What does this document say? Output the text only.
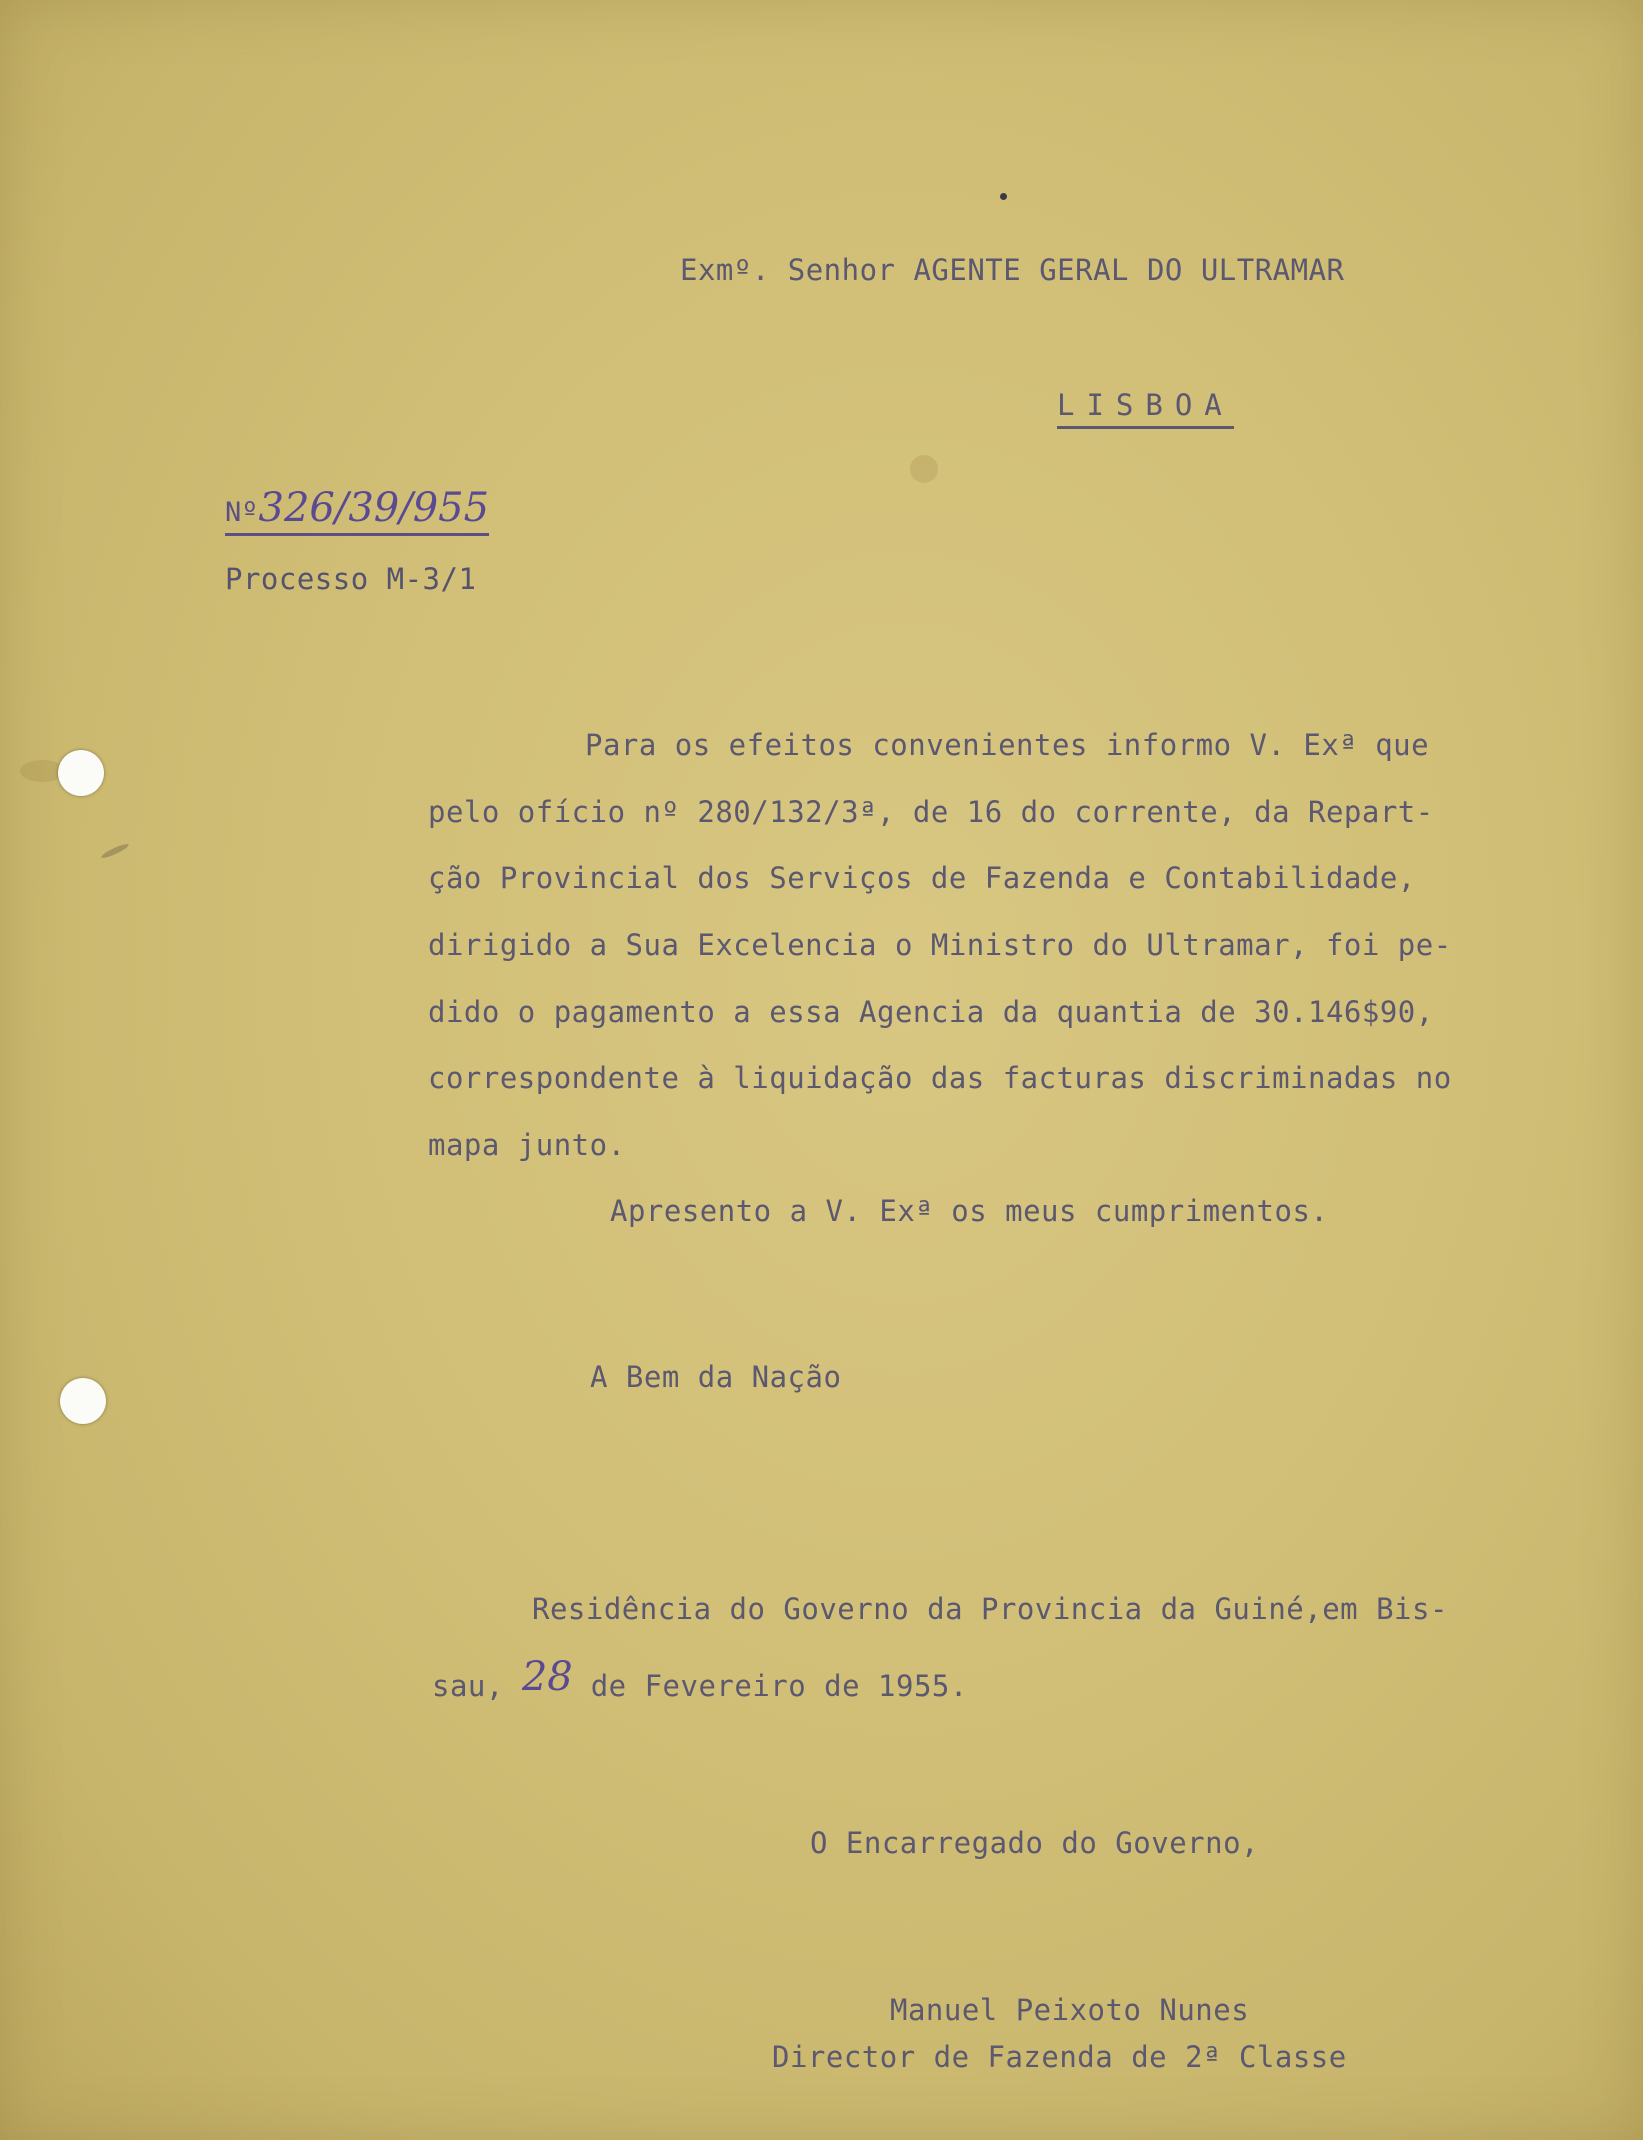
Exmº. Senhor AGENTE GERAL DO ULTRAMAR
LISBOA
Nº326/39/955
Processo M-3/1
Para os efeitos convenientes informo V. Exª que
pelo ofício nº 280/132/3ª, de 16 do corrente, da Repart-
ção Provincial dos Serviços de Fazenda e Contabilidade,
dirigido a Sua Excelencia o Ministro do Ultramar, foi pe-
dido o pagamento a essa Agencia da quantia de 30.146$90,
correspondente à liquidação das facturas discriminadas no
mapa junto.
Apresento a V. Exª os meus cumprimentos.
A Bem da Nação
Residência do Governo da Provincia da Guiné,em Bis-
sau, 28 de Fevereiro de 1955.
O Encarregado do Governo,
Manuel Peixoto Nunes
Director de Fazenda de 2ª Classe
